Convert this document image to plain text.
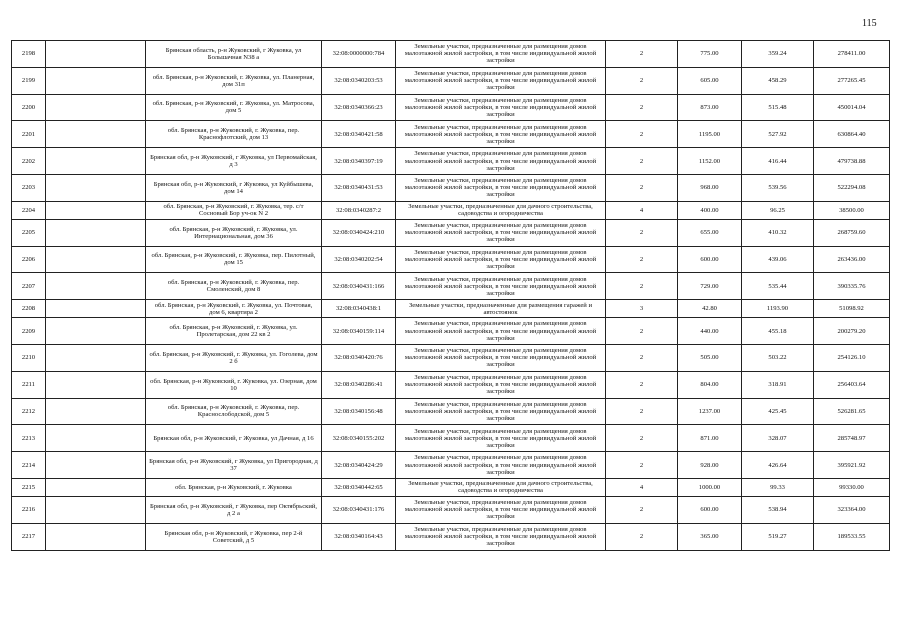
115
2198		Брянская область, р-н Жуковский, г Жуковка, ул Большачная N38 а	32:08:0000000:784	Земельные участки, предназначенные для размещения домов малоэтажной жилой застройки, в том числе индивидуальной жилой застройки	2	775.00	359.24	278411.00
2199		обл. Брянская, р-н Жуковский, г. Жуковка, ул. Планерная, дом 31п	32:08:0340203:53	Земельные участки, предназначенные для размещения домов малоэтажной жилой застройки, в том числе индивидуальной жилой застройки	2	605.00	458.29	277265.45
2200		обл. Брянская, р-н Жуковский, г. Жуковка, ул. Матросова, дом 5	32:08:0340366:23	Земельные участки, предназначенные для размещения домов малоэтажной жилой застройки, в том числе индивидуальной жилой застройки	2	873.00	515.48	450014.04
2201		обл. Брянская, р-н Жуковский, г. Жуковка, пер. Краснофлотский, дом 13	32:08:0340421:58	Земельные участки, предназначенные для размещения домов малоэтажной жилой застройки, в том числе индивидуальной жилой застройки	2	1195.00	527.92	630864.40
2202		Брянская обл, р-н Жуковский, г Жуковка, ул Первомайская, д 3	32:08:0340397:19	Земельные участки, предназначенные для размещения домов малоэтажной жилой застройки, в том числе индивидуальной жилой застройки	2	1152.00	416.44	479738.88
2203		Брянская обл, р-н Жуковский, г Жуковка, ул Куйбышева, дом 14	32:08:0340431:53	Земельные участки, предназначенные для размещения домов малоэтажной жилой застройки, в том числе индивидуальной жилой застройки	2	968.00	539.56	522294.08
2204		обл. Брянская, р-н Жуковский, г. Жуковка, тер. с/т Сосновый Бор уч-ок N 2	32:08:0340287:2	Земельные участки, предназначенные для дачного строительства, садоводства и огородничества	4	400.00	96.25	38500.00
2205		обл. Брянская, р-н Жуковский, г. Жуковка, ул. Интернациональная, дом 36	32:08:0340424:210	Земельные участки, предназначенные для размещения домов малоэтажной жилой застройки, в том числе индивидуальной жилой застройки	2	655.00	410.32	268759.60
2206		обл. Брянская, р-н Жуковский, г. Жуковка, пер. Пилотный, дом 15	32:08:0340202:54	Земельные участки, предназначенные для размещения домов малоэтажной жилой застройки, в том числе индивидуальной жилой застройки	2	600.00	439.06	263436.00
2207		обл. Брянская, р-н Жуковский, г. Жуковка, пер. Смоленский, дом 8	32:08:0340431:166	Земельные участки, предназначенные для размещения домов малоэтажной жилой застройки, в том числе индивидуальной жилой застройки	2	729.00	535.44	390335.76
2208		обл. Брянская, р-н Жуковский, г. Жуковка, ул. Почтовая, дом 6, квартира 2	32:08:0340438:1	Земельные участки, предназначенные для размещения гаражей и автостоянок	3	42.80	1193.90	51098.92
2209		обл. Брянская, р-н Жуковский, г. Жуковка, ул. Пролетарская, дом 22 кв 2	32:08:0340159:114	Земельные участки, предназначенные для размещения домов малоэтажной жилой застройки, в том числе индивидуальной жилой застройки	2	440.00	455.18	200279.20
2210		обл. Брянская, р-н Жуковский, г. Жуковка, ул. Гоголева, дом 2 б	32:08:0340420:76	Земельные участки, предназначенные для размещения домов малоэтажной жилой застройки, в том числе индивидуальной жилой застройки	2	505.00	503.22	254126.10
2211		обл. Брянская, р-н Жуковский, г. Жуковка, ул. Озерная, дом 10	32:08:0340286:41	Земельные участки, предназначенные для размещения домов малоэтажной жилой застройки, в том числе индивидуальной жилой застройки	2	804.00	318.91	256403.64
2212		обл. Брянская, р-н Жуковский, г. Жуковка, пер. Краснослободской, дом 5	32:08:0340156:48	Земельные участки, предназначенные для размещения домов малоэтажной жилой застройки, в том числе индивидуальной жилой застройки	2	1237.00	425.45	526281.65
2213		Брянская обл, р-н Жуковский, г Жуковка, ул Дачная, д 16	32:08:0340155:202	Земельные участки, предназначенные для размещения домов малоэтажной жилой застройки, в том числе индивидуальной жилой застройки	2	871.00	328.07	285748.97
2214		Брянская обл, р-н Жуковский, г Жуковка, ул Пригородная, д 37	32:08:0340424:29	Земельные участки, предназначенные для размещения домов малоэтажной жилой застройки, в том числе индивидуальной жилой застройки	2	928.00	426.64	395921.92
2215		обл. Брянская, р-н Жуковский, г. Жуковка	32:08:0340442:65	Земельные участки, предназначенные для дачного строительства, садоводства и огородничества	4	1000.00	99.33	99330.00
2216		Брянская обл, р-н Жуковский, г Жуковка, пер Октябрьский, д 2 а	32:08:0340431:176	Земельные участки, предназначенные для размещения домов малоэтажной жилой застройки, в том числе индивидуальной жилой застройки	2	600.00	538.94	323364.00
2217		Брянская обл, р-н Жуковский, г Жуковка, пер 2-й Советский, д 5	32:08:0340164:43	Земельные участки, предназначенные для размещения домов малоэтажной жилой застройки, в том числе индивидуальной жилой застройки	2	365.00	519.27	189533.55
